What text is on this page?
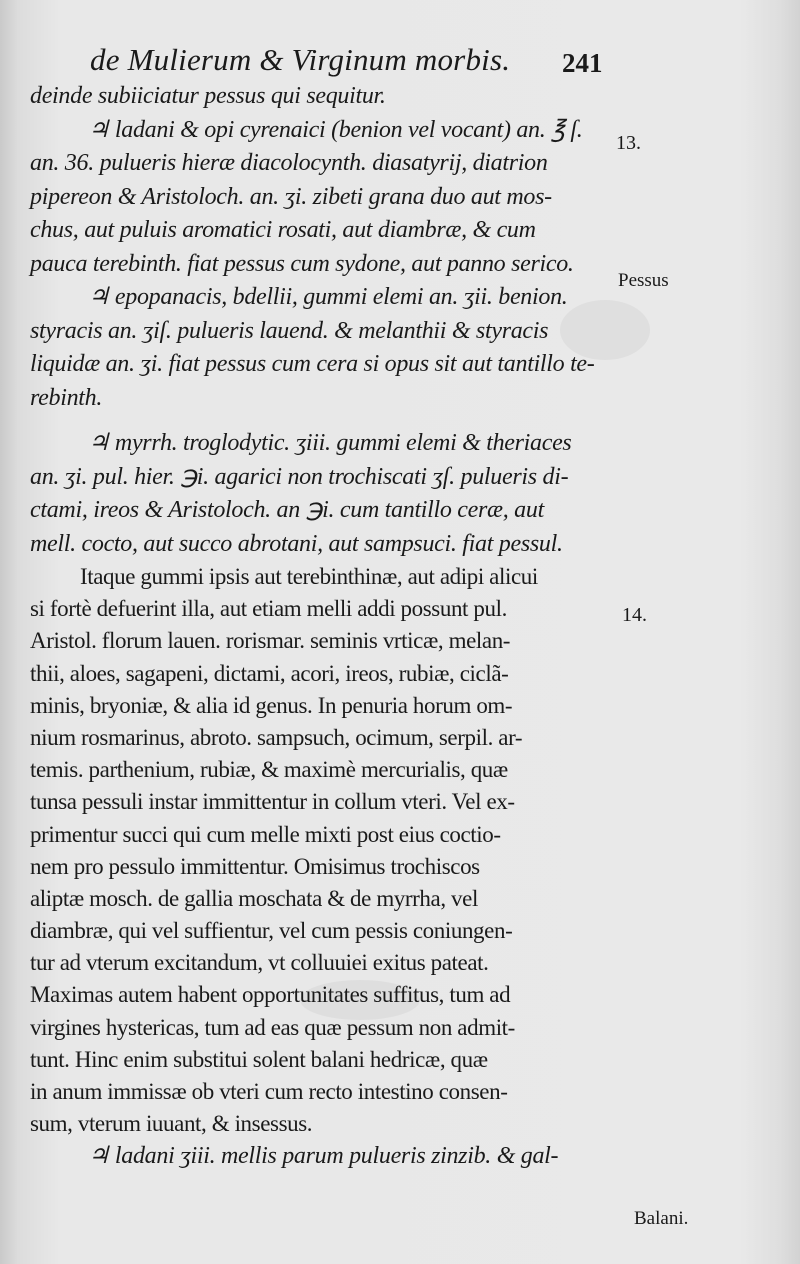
de Mulierum & Virginum morbis.	241
deinde subiiciatur pessus qui sequitur.
♃ ladani & opi cyrenaici (benion vel vocant) an. ℥ ſ.
an. 36. pulueris hieræ diacolocynth. diasatyrij, diatrion
pipereon & Aristoloch. an. ʒi. zibeti grana duo aut mos-
chus, aut puluis aromatici rosati, aut diambræ, & cum
pauca terebinth. fiat pessus cum sydone, aut panno serico.
♃ epopanacis, bdellii, gummi elemi an. ʒii. benion.
styracis an. ʒiſ. pulueris lauend. & melanthii & styracis
liquidæ an. ʒi. fiat pessus cum cera si opus sit aut tantillo te-
rebinth.
♃ myrrh. troglodytic. ʒiii. gummi elemi & theriaces
an. ʒi. pul. hier. ℈i. agarici non trochiscati ʒſ. pulueris di-
ctami, ireos & Aristoloch. an ℈i. cum tantillo ceræ, aut
mell. cocto, aut succo abrotani, aut sampsuci. fiat pessul.
Itaque gummi ipsis aut terebinthinæ, aut adipi alicui
si fortè defuerint illa, aut etiam melli addi possunt pul.
Aristol. florum lauen. rorismar. seminis vrticæ, melan-
thii, aloes, sagapeni, dictami, acori, ireos, rubiæ, ciclã-
minis, bryoniæ, & alia id genus. In penuria horum om-
nium rosmarinus, abroto. sampsuch, ocimum, serpil. ar-
temis. parthenium, rubiæ, & maximè mercurialis, quæ
tunsa pessuli instar immittentur in collum vteri. Vel ex-
primentur succi qui cum melle mixti post eius coctio-
nem pro pessulo immittentur. Omisimus trochiscos
aliptæ mosch. de gallia moschata & de myrrha, vel
diambræ, qui vel suffientur, vel cum pessis coniungen-
tur ad vterum excitandum, vt colluuiei exitus pateat.
Maximas autem habent opportunitates suffitus, tum ad
virgines hystericas, tum ad eas quæ pessum non admit-
tunt. Hinc enim substitui solent balani hedricæ, quæ
in anum immissæ ob vteri cum recto intestino consen-
sum, vterum iuuant, & insessus.
♃ ladani ʒiii. mellis parum pulueris zinzib. & gal-
13.
Pessus
14.
Balani.
